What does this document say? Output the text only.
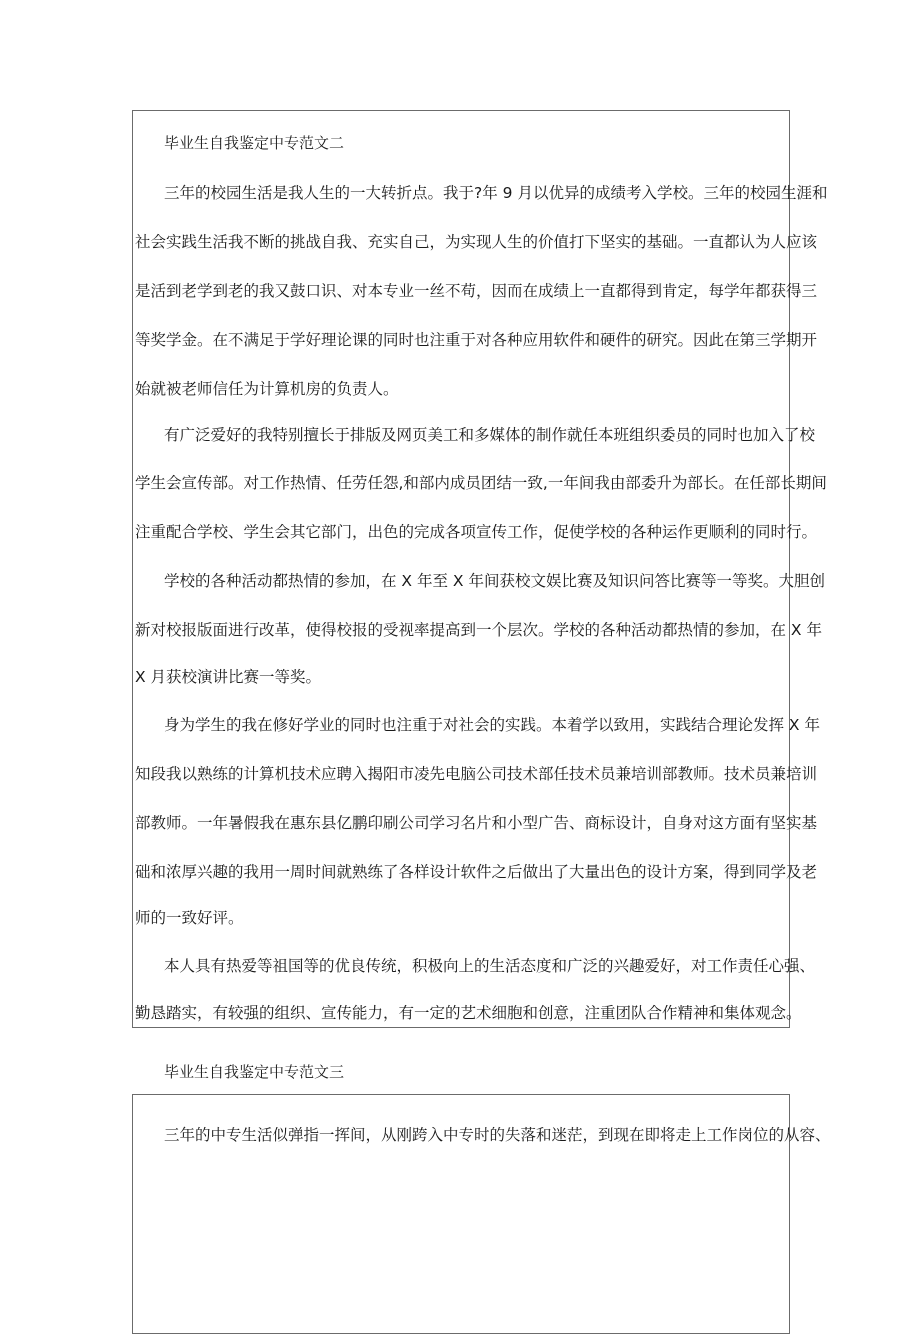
毕业生自我鉴定中专范文二
三年的校园生活是我人生的一大转折点。我于?年 9 月以优异的成绩考入学校。三年的校园生涯和
社会实践生活我不断的挑战自我、充实自己，为实现人生的价值打下坚实的基础。一直都认为人应该
是活到老学到老的我又鼓口识、对本专业一丝不苟，因而在成绩上一直都得到肯定，每学年都获得三
等奖学金。在不满足于学好理论课的同时也注重于对各种应用软件和硬件的研究。因此在第三学期开
始就被老师信任为计算机房的负责人。
有广泛爱好的我特别擅长于排版及网页美工和多媒体的制作就任本班组织委员的同时也加入了校
学生会宣传部。对工作热情、任劳任怨,和部内成员团结一致,一年间我由部委升为部长。在任部长期间
注重配合学校、学生会其它部门，出色的完成各项宣传工作，促使学校的各种运作更顺利的同时行。
学校的各种活动都热情的参加，在 X 年至 X 年间获校文娱比赛及知识问答比赛等一等奖。大胆创
新对校报版面进行改革，使得校报的受视率提高到一个层次。学校的各种活动都热情的参加，在 X 年
X 月获校演讲比赛一等奖。
身为学生的我在修好学业的同时也注重于对社会的实践。本着学以致用，实践结合理论发挥 X 年
知段我以熟练的计算机技术应聘入揭阳市凌先电脑公司技术部任技术员兼培训部教师。技术员兼培训
部教师。一年暑假我在惠东县亿鹏印刷公司学习名片和小型广告、商标设计，自身对这方面有坚实基
础和浓厚兴趣的我用一周时间就熟练了各样设计软件之后做出了大量出色的设计方案，得到同学及老
师的一致好评。
本人具有热爱等祖国等的优良传统，积极向上的生活态度和广泛的兴趣爱好，对工作责任心强、
勤恳踏实，有较强的组织、宣传能力，有一定的艺术细胞和创意，注重团队合作精神和集体观念。
毕业生自我鉴定中专范文三
三年的中专生活似弹指一挥间，从刚跨入中专时的失落和迷茫，到现在即将走上工作岗位的从容、
